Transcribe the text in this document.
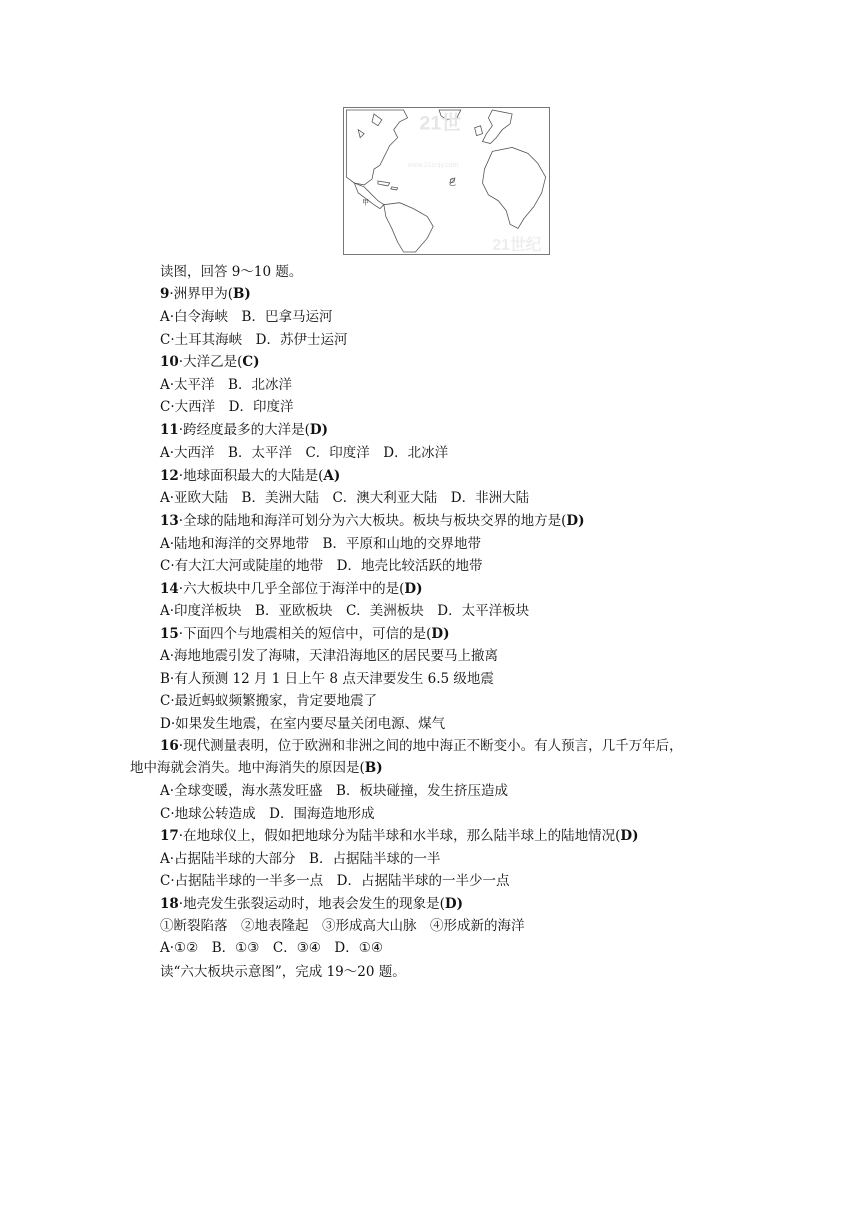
21世
www.21cnjy.com
21世纪
甲
乙
读图，回答 9～10 题。
9·洲界甲为(B)
A·白令海峡　B．巴拿马运河
C·土耳其海峡　D．苏伊士运河
10·大洋乙是(C)
A·太平洋　B．北冰洋
C·大西洋　D．印度洋
11·跨经度最多的大洋是(D)
A·大西洋　B．太平洋　C．印度洋　D．北冰洋
12·地球面积最大的大陆是(A)
A·亚欧大陆　B．美洲大陆　C．澳大利亚大陆　D．非洲大陆
13·全球的陆地和海洋可划分为六大板块。板块与板块交界的地方是(D)
A·陆地和海洋的交界地带　B．平原和山地的交界地带
C·有大江大河或陡崖的地带　D．地壳比较活跃的地带
14·六大板块中几乎全部位于海洋中的是(D)
A·印度洋板块　B．亚欧板块　C．美洲板块　D．太平洋板块
15·下面四个与地震相关的短信中，可信的是(D)
A·海地地震引发了海啸，天津沿海地区的居民要马上撤离
B·有人预测 12 月 1 日上午 8 点天津要发生 6.5 级地震
C·最近蚂蚁频繁搬家，肯定要地震了
D·如果发生地震，在室内要尽量关闭电源、煤气
16·现代测量表明，位于欧洲和非洲之间的地中海正不断变小。有人预言，几千万年后，
地中海就会消失。地中海消失的原因是(B)
A·全球变暖，海水蒸发旺盛　B．板块碰撞，发生挤压造成
C·地球公转造成　D．围海造地形成
17·在地球仪上，假如把地球分为陆半球和水半球，那么陆半球上的陆地情况(D)
A·占据陆半球的大部分　B．占据陆半球的一半
C·占据陆半球的一半多一点　D．占据陆半球的一半少一点
18·地壳发生张裂运动时，地表会发生的现象是(D)
①断裂陷落　②地表隆起　③形成高大山脉　④形成新的海洋
A·①②　B．①③　C．③④　D．①④
读“六大板块示意图”，完成 19～20 题。
